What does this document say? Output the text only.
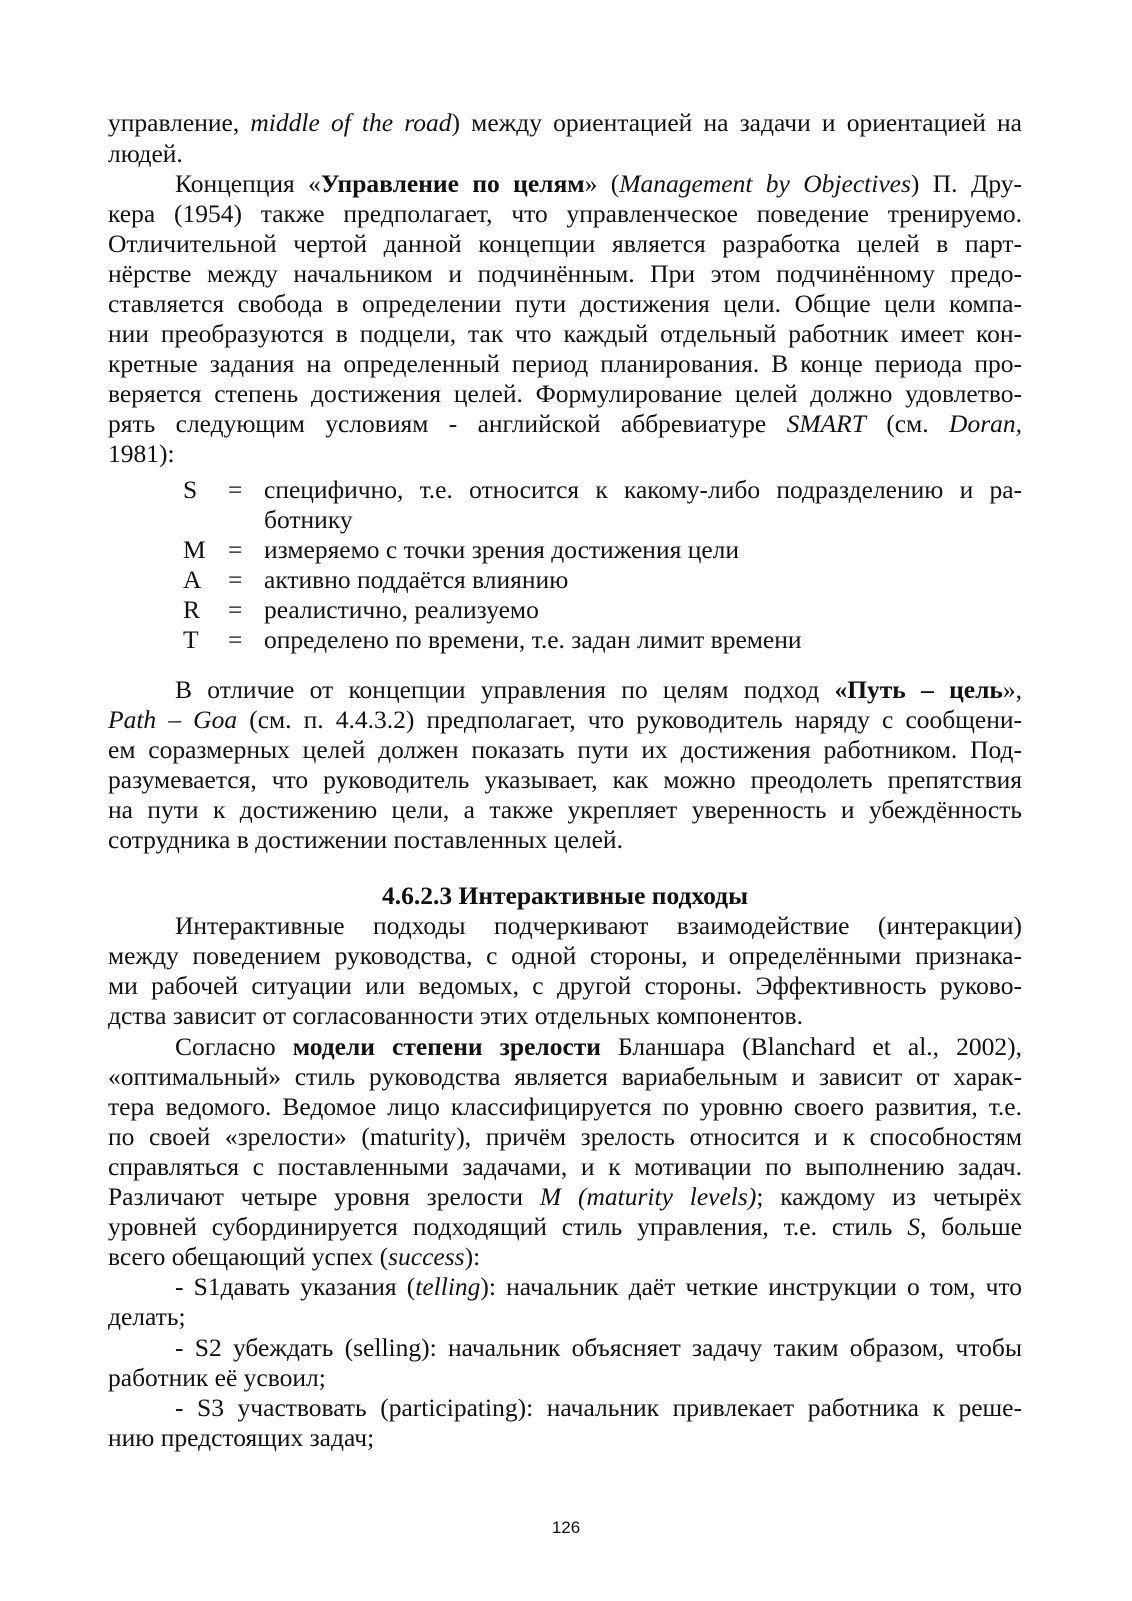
управление, middle of the road) между ориентацией на задачи и ориентацией на
людей.
Концепция «Управление по целям» (Management by Objectives) П. Дру-
кера (1954) также предполагает, что управленческое поведение тренируемо.
Отличительной чертой данной концепции является разработка целей в парт-
нёрстве между начальником и подчинённым. При этом подчинённому предо-
ставляется свобода в определении пути достижения цели. Общие цели компа-
нии преобразуются в подцели, так что каждый отдельный работник имеет кон-
кретные задания на определенный период планирования. В конце периода про-
веряется степень достижения целей. Формулирование целей должно удовлетво-
рять следующим условиям - английской аббревиатуре SMART (см. Doran,
1981):
S	= специфично, т.е. относится к какому-либо подразделению и ра-
ботнику
M = измеряемо с точки зрения достижения цели
A	= активно поддаётся влиянию
R	= реалистично, реализуемо
T	= определено по времени, т.е. задан лимит времени
В отличие от концепции управления по целям подход «Путь – цель»,
Path – Goa (см. п. 4.4.3.2) предполагает, что руководитель наряду с сообщени-
ем соразмерных целей должен показать пути их достижения работником. Под-
разумевается, что руководитель указывает, как можно преодолеть препятствия
на пути к достижению цели, а также укрепляет уверенность и убеждённость
сотрудника в достижении поставленных целей.
4.6.2.3 Интерактивные подходы
Интерактивные подходы подчеркивают взаимодействие (интеракции)
между поведением руководства, с одной стороны, и определёнными признака-
ми рабочей ситуации или ведомых, с другой стороны. Эффективность руково-
дства зависит от согласованности этих отдельных компонентов.
Согласно модели степени зрелости Бланшара (Blanchard et al., 2002),
«оптимальный» стиль руководства является вариабельным и зависит от харак-
тера ведомого. Ведомое лицо классифицируется по уровню своего развития, т.е.
по своей «зрелости» (maturity), причём зрелость относится и к способностям
справляться с поставленными задачами, и к мотивации по выполнению задач.
Различают четыре уровня зрелости M (maturity levels); каждому из четырёх
уровней субординируется подходящий стиль управления, т.е. стиль S, больше
всего обещающий успех (success):
- S1давать указания (telling): начальник даёт четкие инструкции о том, что
делать;
- S2 убеждать (selling): начальник объясняет задачу таким образом, чтобы
работник её усвоил;
- S3 участвовать (participating): начальник привлекает работника к реше-
нию предстоящих задач;
126
